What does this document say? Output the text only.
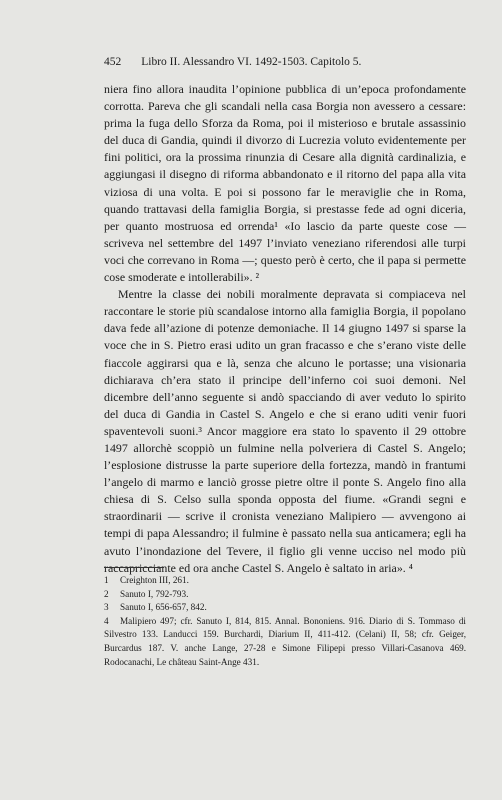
452 Libro II. Alessandro VI. 1492-1503. Capitolo 5.

niera fino allora inaudita l’opinione pubblica di un’epoca profondamente corrotta. Pareva che gli scandali nella casa Borgia non avessero a cessare: prima la fuga dello Sforza da Roma, poi il misterioso e brutale assassinio del duca di Gandia, quindi il divorzo di Lucrezia voluto evidentemente per fini politici, ora la prossima rinunzia di Cesare alla dignità cardinalizia, e aggiungasi il disegno di riforma abbandonato e il ritorno del papa alla vita viziosa di una volta. E poi si possono far le meraviglie che in Roma, quando trattavasi della famiglia Borgia, si prestasse fede ad ogni diceria, per quanto mostruosa ed orrenda¹ «Io lascio da parte queste cose — scriveva nel settembre del 1497 l’inviato veneziano riferendosi alle turpi voci che correvano in Roma —; questo però è certo, che il papa si permette cose smoderate e intollerabili». ²

Mentre la classe dei nobili moralmente depravata si compiaceva nel raccontare le storie più scandalose intorno alla famiglia Borgia, il popolano dava fede all’azione di potenze demoniache. Il 14 giugno 1497 si sparse la voce che in S. Pietro erasi udito un gran fracasso e che s’erano viste delle fiaccole aggirarsi qua e là, senza che alcuno le portasse; una visionaria dichiarava ch’era stato il principe dell’inferno coi suoi demoni. Nel dicembre dell’anno seguente si andò spacciando di aver veduto lo spirito del duca di Gandia in Castel S. Angelo e che si erano uditi venir fuori spaventevoli suoni.³ Ancor maggiore era stato lo spavento il 29 ottobre 1497 allorchè scoppiò un fulmine nella polveriera di Castel S. Angelo; l’esplosione distrusse la parte superiore della fortezza, mandò in frantumi l’angelo di marmo e lanciò grosse pietre oltre il ponte S. Angelo fino alla chiesa di S. Celso sulla sponda opposta del fiume. «Grandi segni e straordinarii — scrive il cronista veneziano Malipiero — avvengono ai tempi di papa Alessandro; il fulmine è passato nella sua anticamera; egli ha avuto l’inondazione del Tevere, il figlio gli venne ucciso nel modo più raccapricciante ed ora anche Castel S. Angelo è saltato in aria». ⁴

1 Creighton III, 261.
2 Sanuto I, 792-793.
3 Sanuto I, 656-657, 842.
4 Malipiero 497; cfr. Sanuto I, 814, 815. Annal. Bononiens. 916. Diario di S. Tommaso di Silvestro 133. Landucci 159. Burchardi, Diarium II, 411-412. (Celani) II, 58; cfr. Geiger, Burcardus 187. V. anche Lange, 27-28 e Simone Filipepi presso Villari-Casanova 469. Rodocanachi, Le château Saint-Ange 431.
